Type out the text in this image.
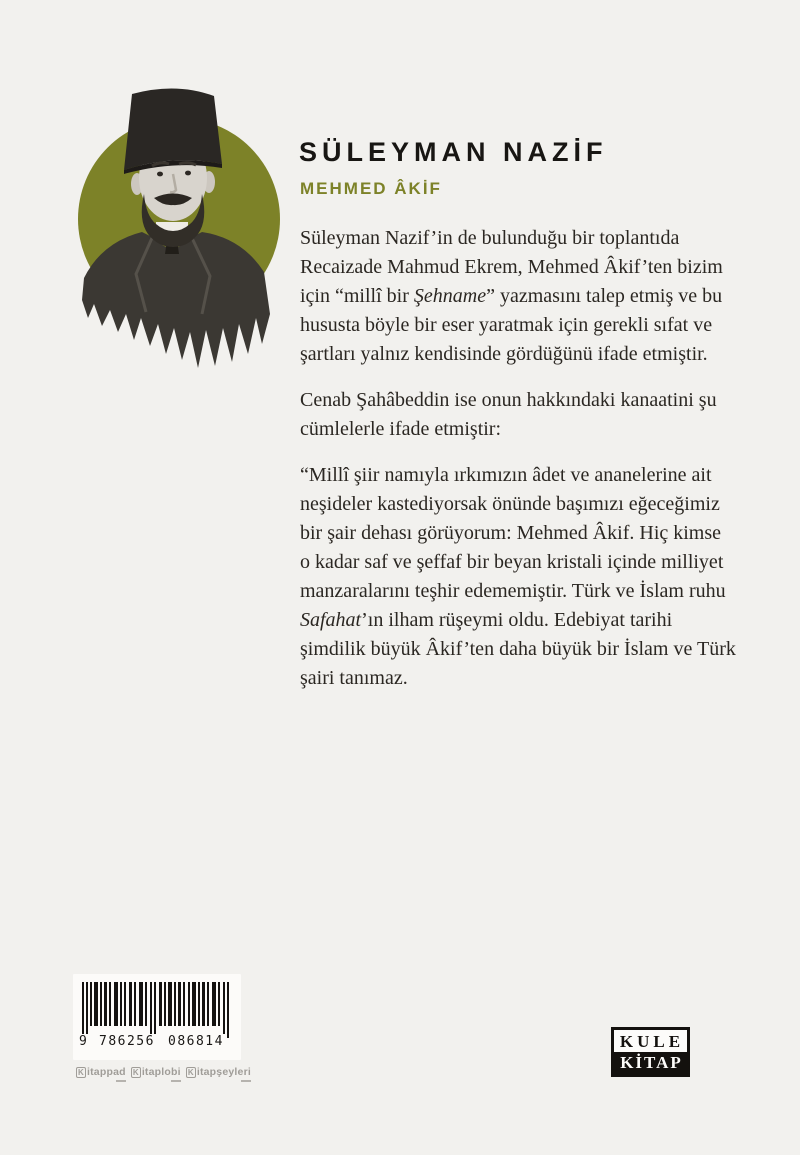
SÜLEYMAN NAZİF
MEHMED ÂKİF

Süleyman Nazif’in de bulunduğu bir toplantıda Recaizade Mahmud Ekrem, Mehmed Âkif’ten bizim için “millî bir Şehname” yazmasını talep etmiş ve bu hususta böyle bir eser yaratmak için gerekli sıfat ve şartları yalnız kendisinde gördüğünü ifade etmiştir.

Cenab Şahâbeddin ise onun hakkındaki kanaatini şu cümlelerle ifade etmiştir:

“Millî şiir namıyla ırkımızın âdet ve ananelerine ait neşideler kastediyorsak önünde başımızı eğeceğimiz bir şair dehası görüyorum: Mehmed Âkif. Hiç kimse o kadar saf ve şeffaf bir beyan kristali içinde milliyet manzaralarını teşhir edememiştir. Türk ve İslam ruhu Safahat’ın ilham rüşeymi oldu. Edebiyat tarihi şimdilik büyük Âkif’ten daha büyük bir İslam ve Türk şairi tanımaz.

9 786256 086814
K itappad K itaplobi K itapşeyleri
KULE
KİTAP
